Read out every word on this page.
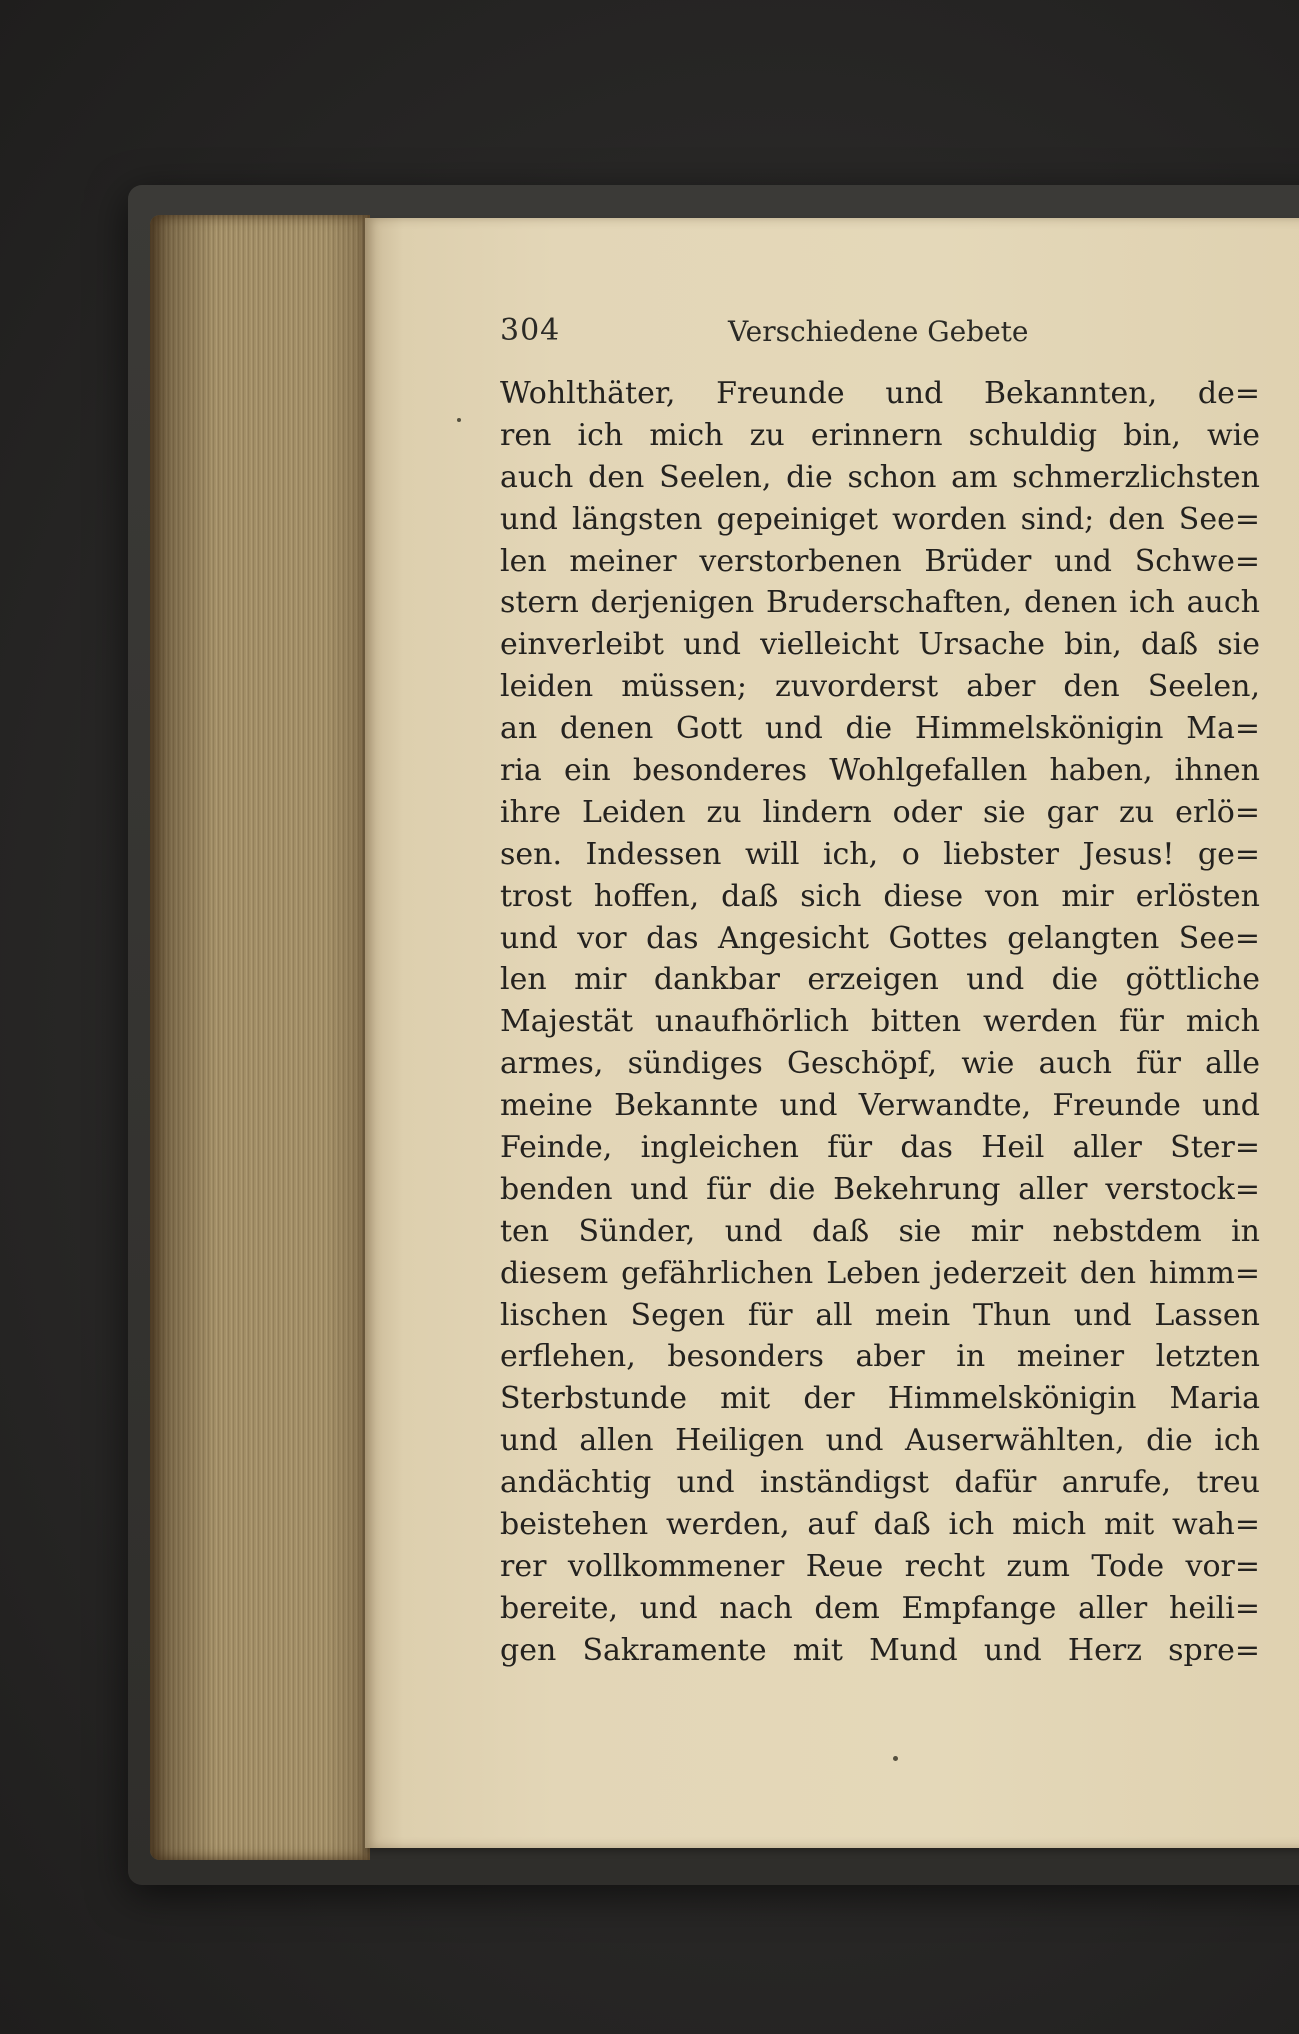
304	Verschiedene Gebete
Wohlthäter, Freunde und Bekannten, de=
ren ich mich zu erinnern schuldig bin, wie
auch den Seelen, die schon am schmerzlichsten
und längsten gepeiniget worden sind; den See=
len meiner verstorbenen Brüder und Schwe=
stern derjenigen Bruderschaften, denen ich auch
einverleibt und vielleicht Ursache bin, daß sie
leiden müssen; zuvorderst aber den Seelen,
an denen Gott und die Himmelskönigin Ma=
ria ein besonderes Wohlgefallen haben, ihnen
ihre Leiden zu lindern oder sie gar zu erlö=
sen. Indessen will ich, o liebster Jesus! ge=
trost hoffen, daß sich diese von mir erlösten
und vor das Angesicht Gottes gelangten See=
len mir dankbar erzeigen und die göttliche
Majestät unaufhörlich bitten werden für mich
armes, sündiges Geschöpf, wie auch für alle
meine Bekannte und Verwandte, Freunde und
Feinde, ingleichen für das Heil aller Ster=
benden und für die Bekehrung aller verstock=
ten Sünder, und daß sie mir nebstdem in
diesem gefährlichen Leben jederzeit den himm=
lischen Segen für all mein Thun und Lassen
erflehen, besonders aber in meiner letzten
Sterbstunde mit der Himmelskönigin Maria
und allen Heiligen und Auserwählten, die ich
andächtig und inständigst dafür anrufe, treu
beistehen werden, auf daß ich mich mit wah=
rer vollkommener Reue recht zum Tode vor=
bereite, und nach dem Empfange aller heili=
gen Sakramente mit Mund und Herz spre=
